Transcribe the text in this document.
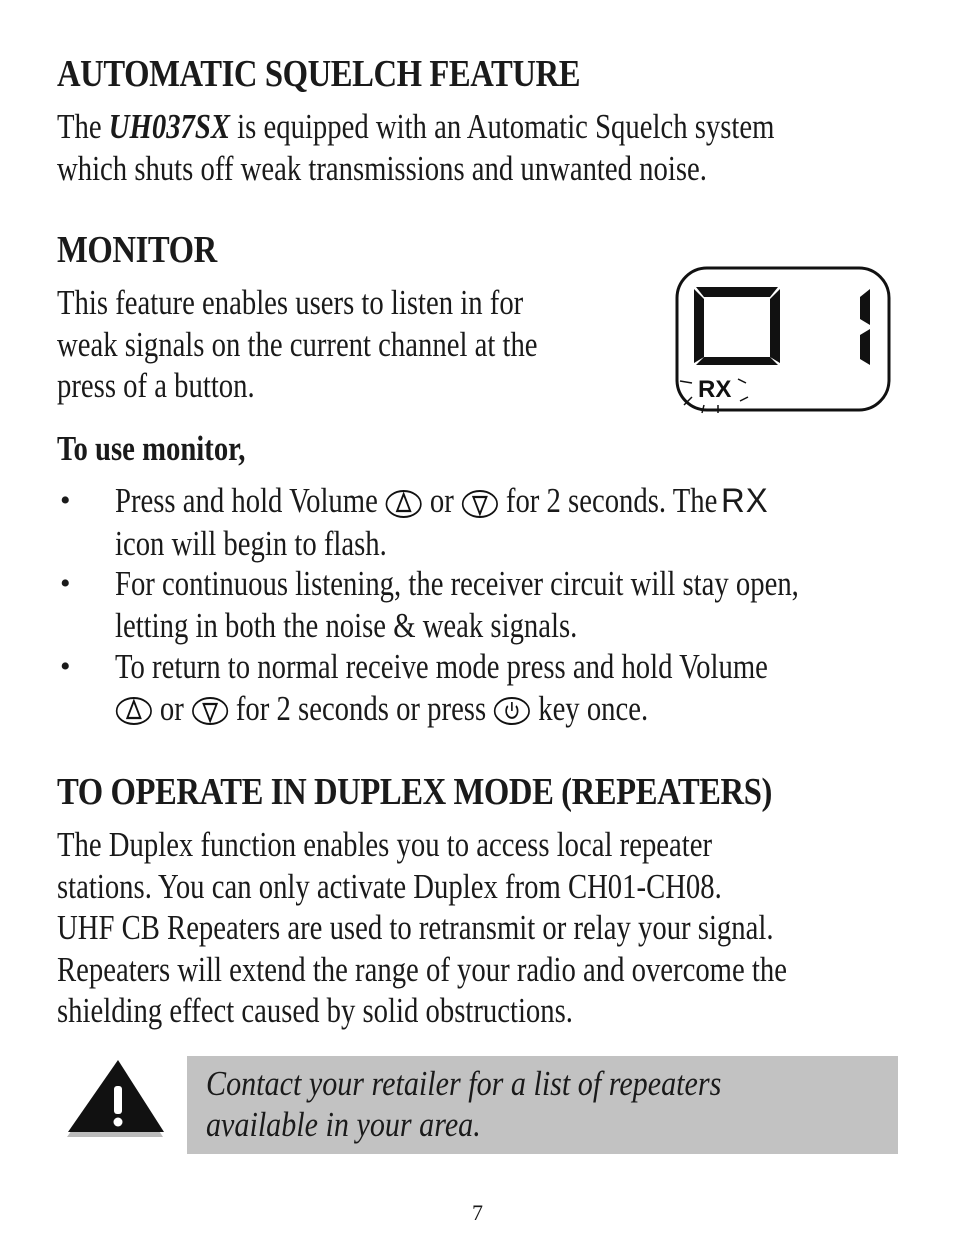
AUTOMATIC SQUELCH FEATURE
The UH037SX is equipped with an Automatic Squelch system
which shuts off weak transmissions and unwanted noise.
MONITOR
This feature enables users to listen in for
weak signals on the current channel at the
press of a button.	RX
To use monitor,
• Press and hold Volume or for 2 seconds. TheRX
icon will begin to flash.
• For continuous listening, the receiver circuit will stay open,
letting in both the noise & weak signals.
• To return to normal receive mode press and hold Volume
or for 2 seconds or press key once.
TO OPERATE IN DUPLEX MODE (REPEATERS)
The Duplex function enables you to access local repeater
stations. You can only activate Duplex from CH01-CH08.
UHF CB Repeaters are used to retransmit or relay your signal.
Repeaters will extend the range of your radio and overcome the
shielding effect caused by solid obstructions.
Contact your retailer for a list of repeaters
available in your area.
7
